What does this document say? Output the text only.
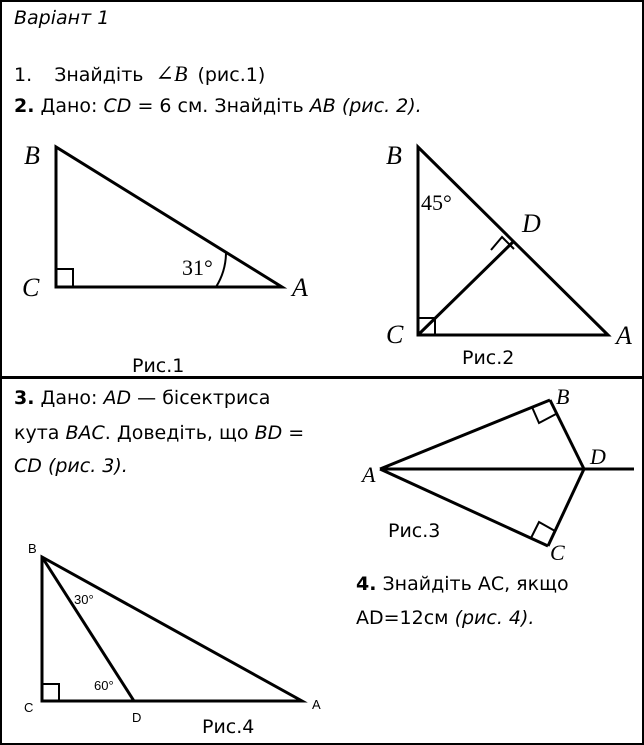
Варіант 1
1. Знайдіть ∠B (рис.1)
2. Дано: CD = 6 см. Знайдіть AB (рис. 2).
B
C	A
31°
Рис.1
B
C	A
D
45°
Рис.2
A
B
D
C
Рис.3
B
C
D
A
30°
60°
Рис.4
3. Дано: AD — бісектриса
кута BAC. Доведіть, що BD =
CD (рис. 3).
4. Знайдіть АС, якщо
AD=12см (рис. 4).
